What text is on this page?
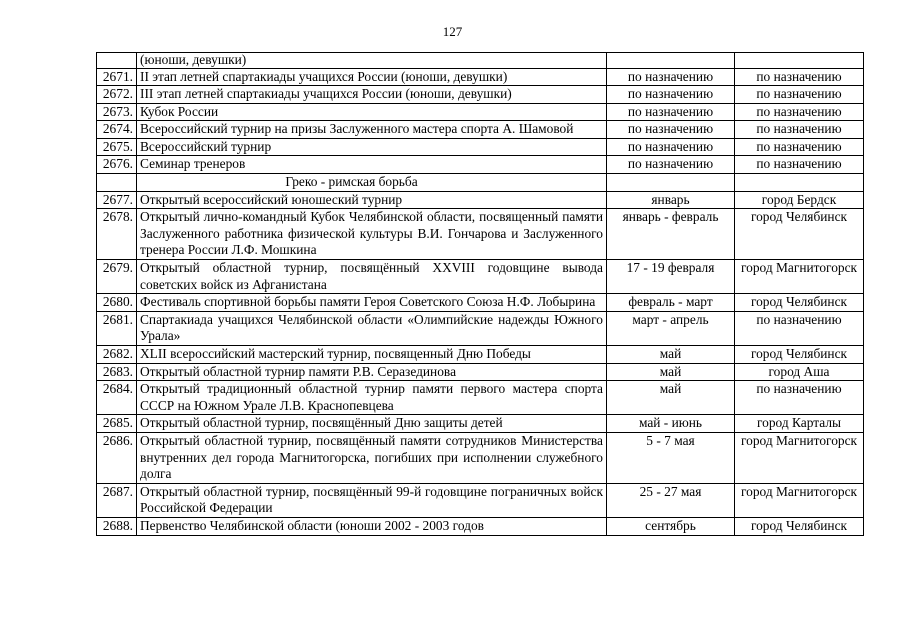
127
	(юноши, девушки)		
2671.	II этап летней спартакиады учащихся России (юноши, девушки)	по назначению	по назначению
2672.	III этап летней спартакиады учащихся России (юноши, девушки)	по назначению	по назначению
2673.	Кубок России	по назначению	по назначению
2674.	Всероссийский турнир на призы Заслуженного мастера спорта А. Шамовой	по назначению	по назначению
2675.	Всероссийский турнир	по назначению	по назначению
2676.	Семинар тренеров	по назначению	по назначению
	Греко - римская борьба		
2677.	Открытый всероссийский юношеский турнир	январь	город Бердск
2678.	Открытый лично-командный Кубок Челябинской области, посвященный памяти Заслуженного работника физической культуры В.И. Гончарова и Заслуженного тренера России Л.Ф. Мошкина	январь - февраль	город Челябинск
2679.	Открытый областной турнир, посвящённый XXVIII годовщине вывода советских войск из Афганистана	17 - 19 февраля	город Магнитогорск
2680.	Фестиваль спортивной борьбы памяти Героя Советского Союза Н.Ф. Лобырина	февраль - март	город Челябинск
2681.	Спартакиада учащихся Челябинской области «Олимпийские надежды Южного Урала»	март - апрель	по назначению
2682.	XLII всероссийский мастерский турнир, посвященный Дню Победы	май	город Челябинск
2683.	Открытый областной турнир памяти Р.В. Серазединова	май	город Аша
2684.	Открытый традиционный областной турнир памяти первого мастера спорта СССР на Южном Урале Л.В. Краснопевцева	май	по назначению
2685.	Открытый областной турнир, посвящённый Дню защиты детей	май - июнь	город Карталы
2686.	Открытый областной турнир, посвящённый памяти сотрудников Министерства внутренних дел города Магнитогорска, погибших при исполнении служебного долга	5 - 7 мая	город Магнитогорск
2687.	Открытый областной турнир, посвящённый 99-й годовщине пограничных войск Российской Федерации	25 - 27 мая	город Магнитогорск
2688.	Первенство Челябинской области (юноши 2002 - 2003 годов	сентябрь	город Челябинск
